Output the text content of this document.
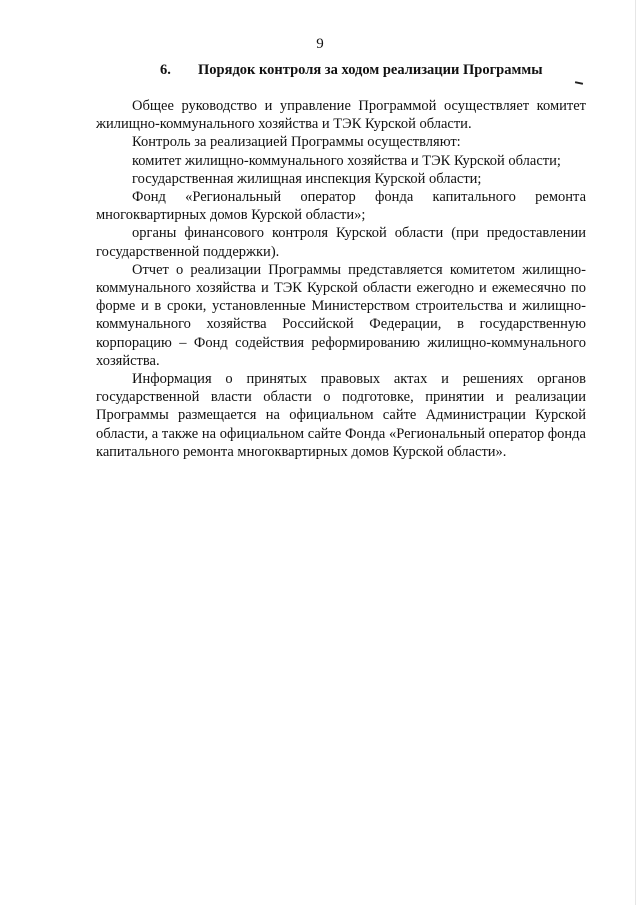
9
6. Порядок контроля за ходом реализации Программы

Общее руководство и управление Программой осуществляет комитет жилищно-коммунального хозяйства и ТЭК Курской области.

Контроль за реализацией Программы осуществляют:

комитет жилищно-коммунального хозяйства и ТЭК Курской области;

государственная жилищная инспекция Курской области;

Фонд «Региональный оператор фонда капитального ремонта многоквартирных домов Курской области»;

органы финансового контроля Курской области (при предоставлении государственной поддержки).

Отчет о реализации Программы представляется комитетом жилищно-коммунального хозяйства и ТЭК Курской области ежегодно и ежемесячно по форме и в сроки, установленные Министерством строительства и жилищно-коммунального хозяйства Российской Федерации, в государственную корпорацию – Фонд содействия реформированию жилищно-коммунального хозяйства.

Информация о принятых правовых актах и решениях органов государственной власти области о подготовке, принятии и реализации Программы размещается на официальном сайте Администрации Курской области, а также на официальном сайте Фонда «Региональный оператор фонда капитального ремонта многоквартирных домов Курской области».
